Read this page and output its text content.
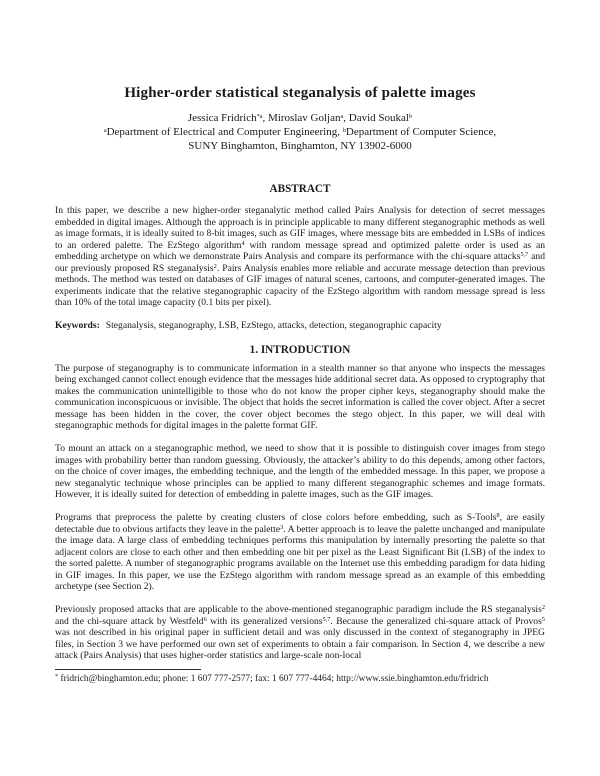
Higher-order statistical steganalysis of palette images

Jessica Fridrich$^{*a}$, Miroslav Goljan$^a$, David Soukal$^b$

$^a$Department of Electrical and Computer Engineering, $^b$Department of Computer Science,

SUNY Binghamton, Binghamton, NY 13902-6000

ABSTRACT

In this paper, we describe a new higher-order steganalytic method called Pairs Analysis for detection of secret messages embedded in digital images. Although the approach is in principle applicable to many different steganographic methods as well as image formats, it is ideally suited to 8-bit images, such as GIF images, where message bits are embedded in LSBs of indices to an ordered palette. The EzStego algorithm$^4$ with random message spread and optimized palette order is used as an embedding archetype on which we demonstrate Pairs Analysis and compare its performance with the chi-square attacks$^{5,7}$ and our previously proposed RS steganalysis$^2$. Pairs Analysis enables more reliable and accurate message detection than previous methods. The method was tested on databases of GIF images of natural scenes, cartoons, and computer-generated images. The experiments indicate that the relative steganographic capacity of the EzStego algorithm with random message spread is less than 10% of the total image capacity (0.1 bits per pixel).

Keywords: Steganalysis, steganography, LSB, EzStego, attacks, detection, steganographic capacity

1. INTRODUCTION

The purpose of steganography is to communicate information in a stealth manner so that anyone who inspects the messages being exchanged cannot collect enough evidence that the messages hide additional secret data. As opposed to cryptography that makes the communication unintelligible to those who do not know the proper cipher keys, steganography should make the communication inconspicuous or invisible. The object that holds the secret information is called the cover object. After a secret message has been hidden in the cover, the cover object becomes the stego object. In this paper, we will deal with steganographic methods for digital images in the palette format GIF.

To mount an attack on a steganographic method, we need to show that it is possible to distinguish cover images from stego images with probability better than random guessing. Obviously, the attacker’s ability to do this depends, among other factors, on the choice of cover images, the embedding technique, and the length of the embedded message. In this paper, we propose a new steganalytic technique whose principles can be applied to many different steganographic schemes and image formats. However, it is ideally suited for detection of embedding in palette images, such as the GIF images.

Programs that preprocess the palette by creating clusters of close colors before embedding, such as S-Tools$^8$, are easily detectable due to obvious artifacts they leave in the palette$^3$. A better approach is to leave the palette unchanged and manipulate the image data. A large class of embedding techniques performs this manipulation by internally presorting the palette so that adjacent colors are close to each other and then embedding one bit per pixel as the Least Significant Bit (LSB) of the index to the sorted palette. A number of steganographic programs available on the Internet use this embedding paradigm for data hiding in GIF images. In this paper, we use the EzStego algorithm with random message spread as an example of this embedding archetype (see Section 2).

Previously proposed attacks that are applicable to the above-mentioned steganographic paradigm include the RS steganalysis$^2$ and the chi-square attack by Westfeld$^6$ with its generalized versions$^{5,7}$. Because the generalized chi-square attack of Provos$^5$ was not described in his original paper in sufficient detail and was only discussed in the context of steganography in JPEG files, in Section 3 we have performed our own set of experiments to obtain a fair comparison. In Section 4, we describe a new attack (Pairs Analysis) that uses higher-order statistics and large-scale non-local

* fridrich@binghamton.edu; phone: 1 607 777-2577; fax: 1 607 777-4464; http://www.ssie.binghamton.edu/fridrich
